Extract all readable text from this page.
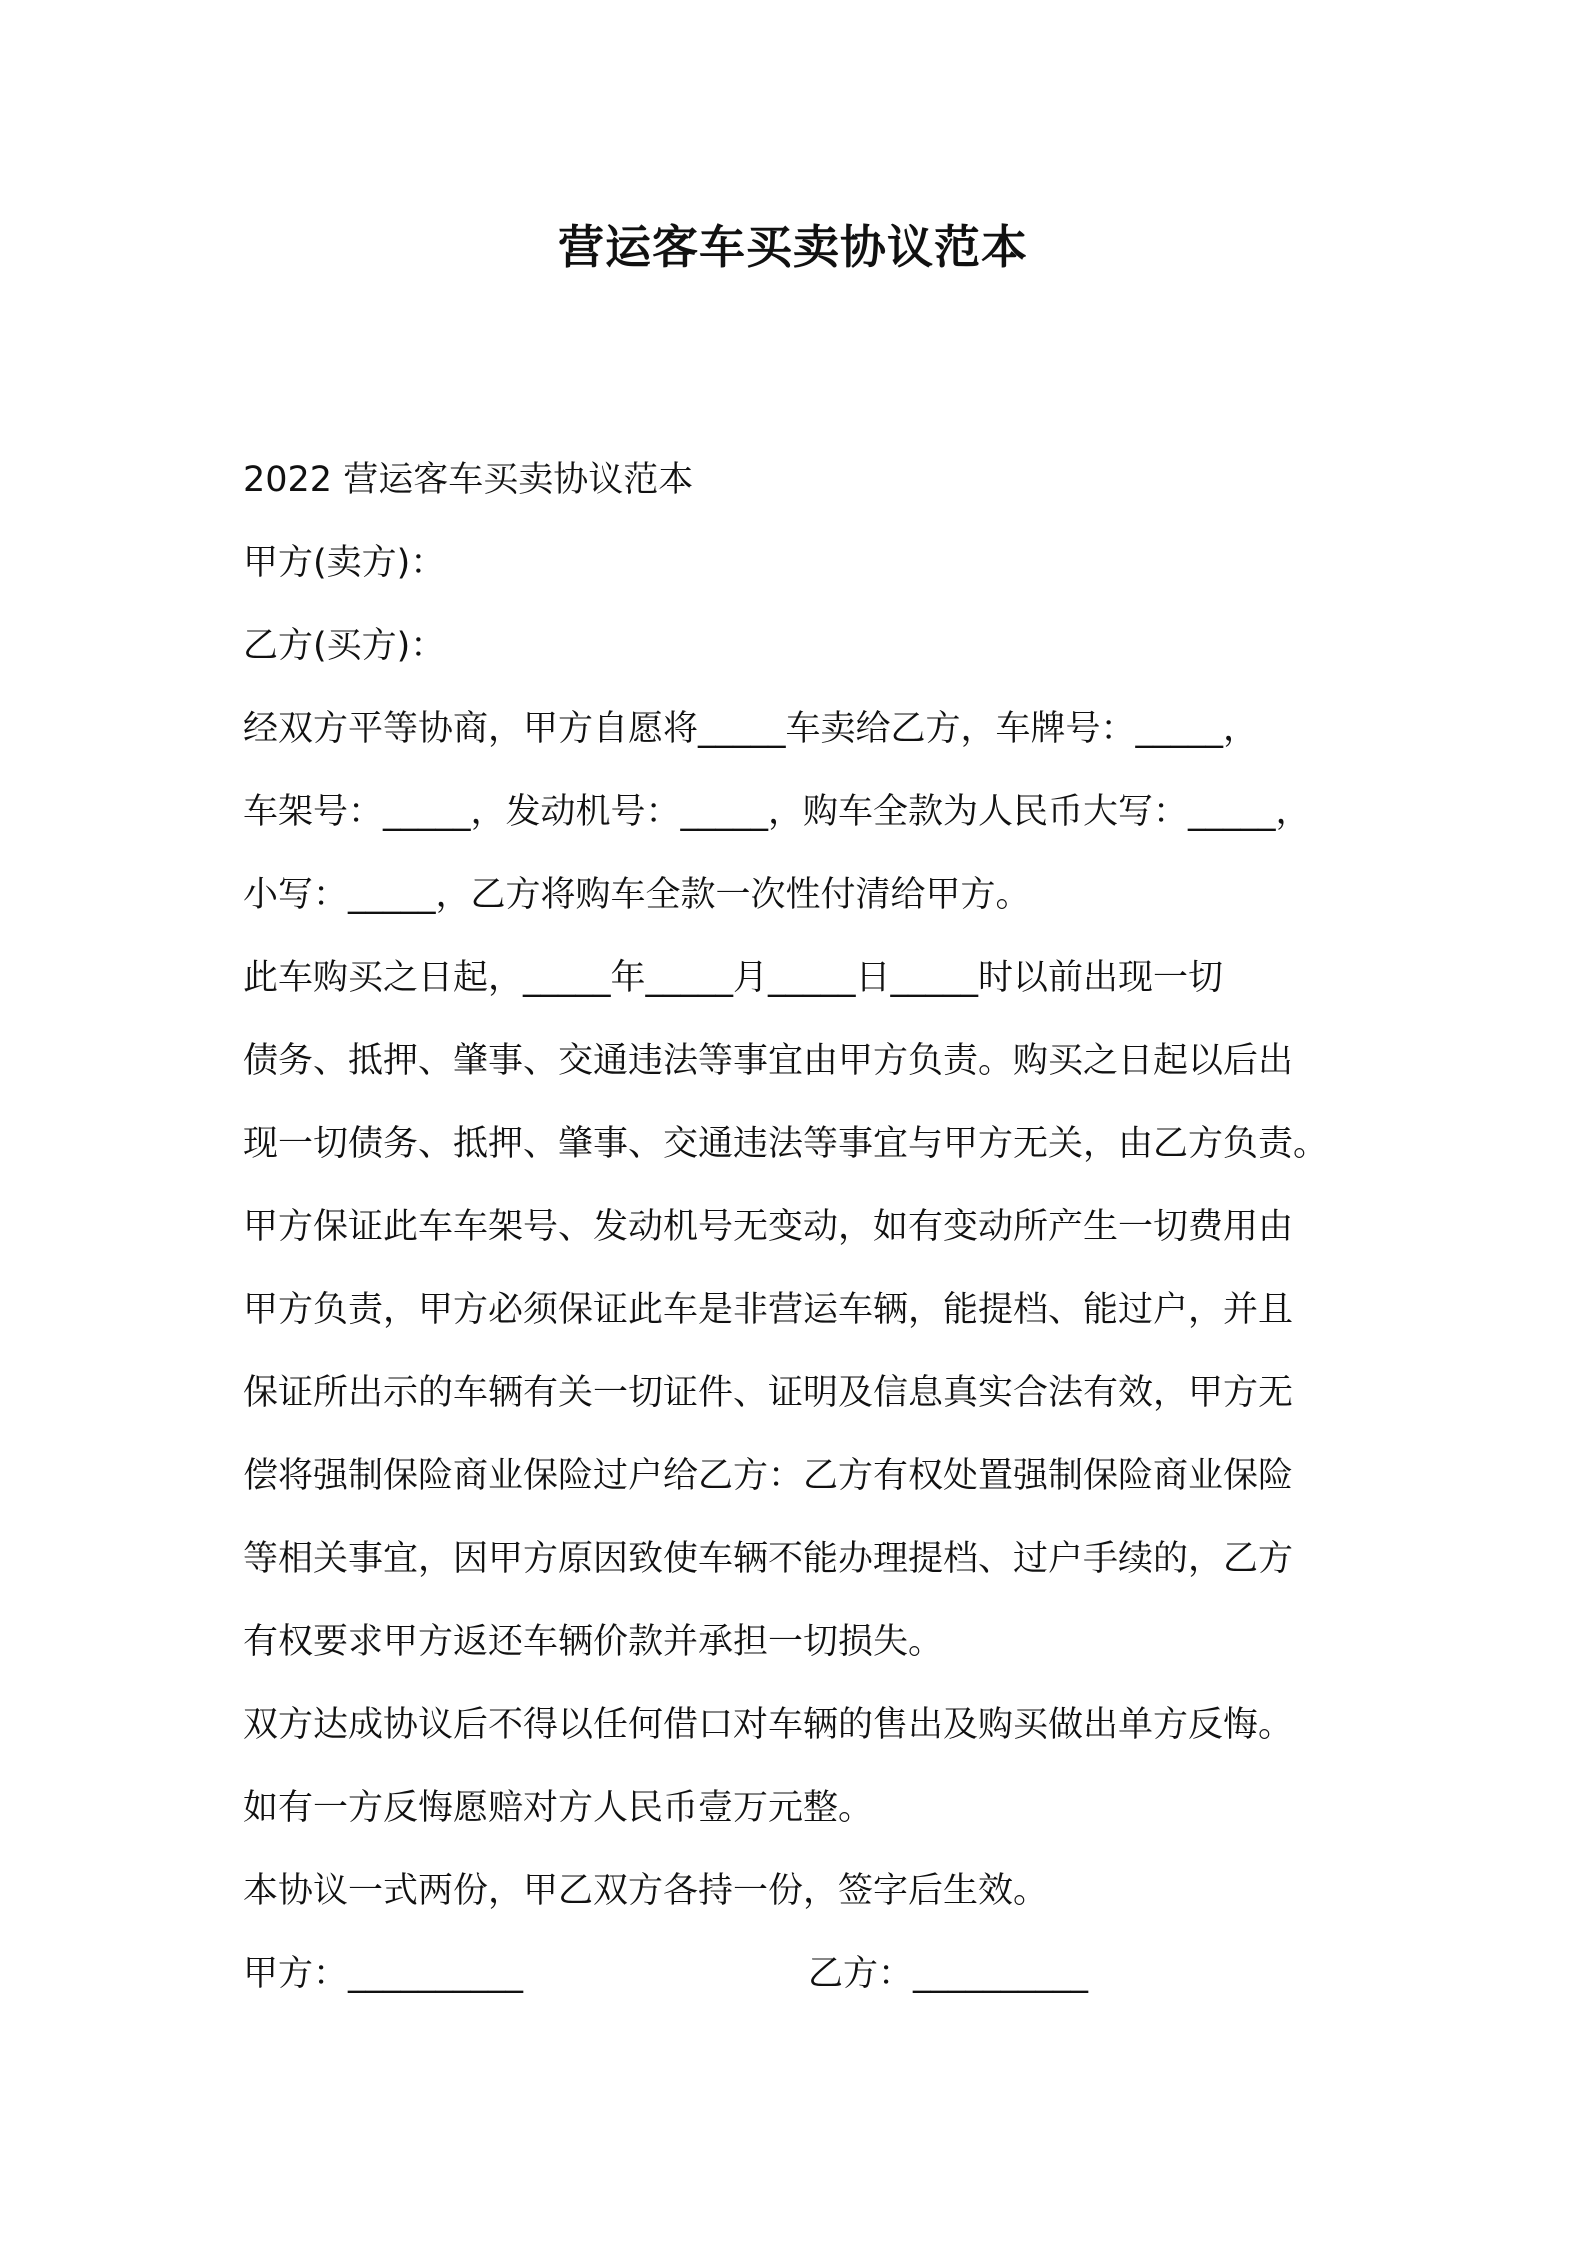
营运客车买卖协议范本
2022 营运客车买卖协议范本
甲方(卖方)：
乙方(买方)：
经双方平等协商，甲方自愿将_____车卖给乙方，车牌号：_____，
车架号：_____，发动机号：_____，购车全款为人民币大写：_____，
小写：_____，乙方将购车全款一次性付清给甲方。
此车购买之日起，_____年_____月_____日_____时以前出现一切
债务、抵押、肇事、交通违法等事宜由甲方负责。购买之日起以后出
现一切债务、抵押、肇事、交通违法等事宜与甲方无关，由乙方负责。
甲方保证此车车架号、发动机号无变动，如有变动所产生一切费用由
甲方负责，甲方必须保证此车是非营运车辆，能提档、能过户，并且
保证所出示的车辆有关一切证件、证明及信息真实合法有效，甲方无
偿将强制保险商业保险过户给乙方：乙方有权处置强制保险商业保险
等相关事宜，因甲方原因致使车辆不能办理提档、过户手续的，乙方
有权要求甲方返还车辆价款并承担一切损失。
双方达成协议后不得以任何借口对车辆的售出及购买做出单方反悔。
如有一方反悔愿赔对方人民币壹万元整。
本协议一式两份，甲乙双方各持一份，签字后生效。
甲方：__________	乙方：__________
